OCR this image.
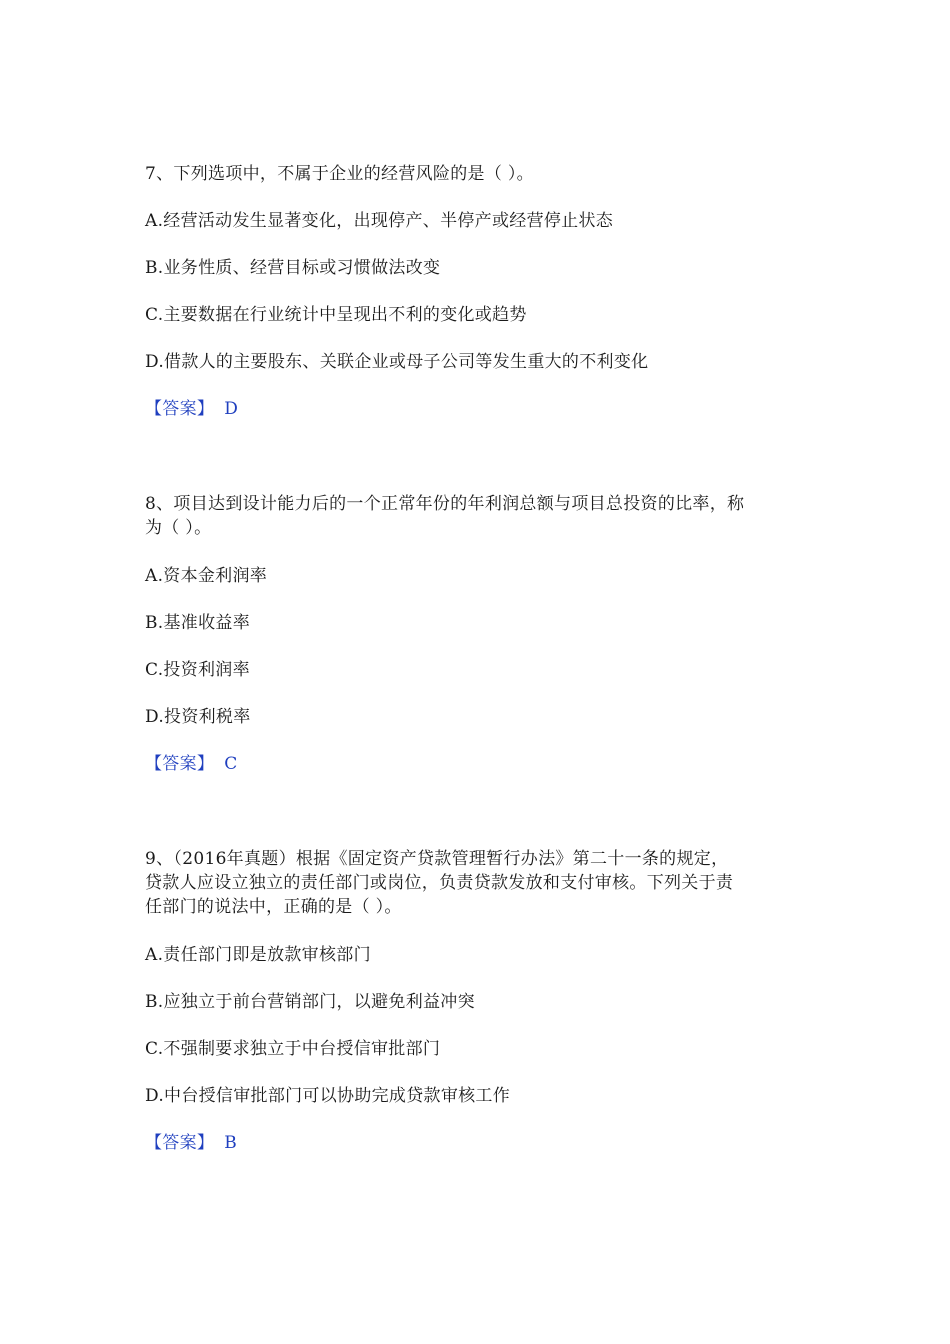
7、下列选项中，不属于企业的经营风险的是（ ）。
A.经营活动发生显著变化，出现停产、半停产或经营停止状态
B.业务性质、经营目标或习惯做法改变
C.主要数据在行业统计中呈现出不利的变化或趋势
D.借款人的主要股东、关联企业或母子公司等发生重大的不利变化
【答案】 D
8、项目达到设计能力后的一个正常年份的年利润总额与项目总投资的比率，称
为（ ）。
A.资本金利润率
B.基准收益率
C.投资利润率
D.投资利税率
【答案】 C
9、（2016年真题）根据《固定资产贷款管理暂行办法》第二十一条的规定，
贷款人应设立独立的责任部门或岗位，负责贷款发放和支付审核。下列关于责
任部门的说法中，正确的是（ ）。
A.责任部门即是放款审核部门
B.应独立于前台营销部门，以避免利益冲突
C.不强制要求独立于中台授信审批部门
D.中台授信审批部门可以协助完成贷款审核工作
【答案】 B
